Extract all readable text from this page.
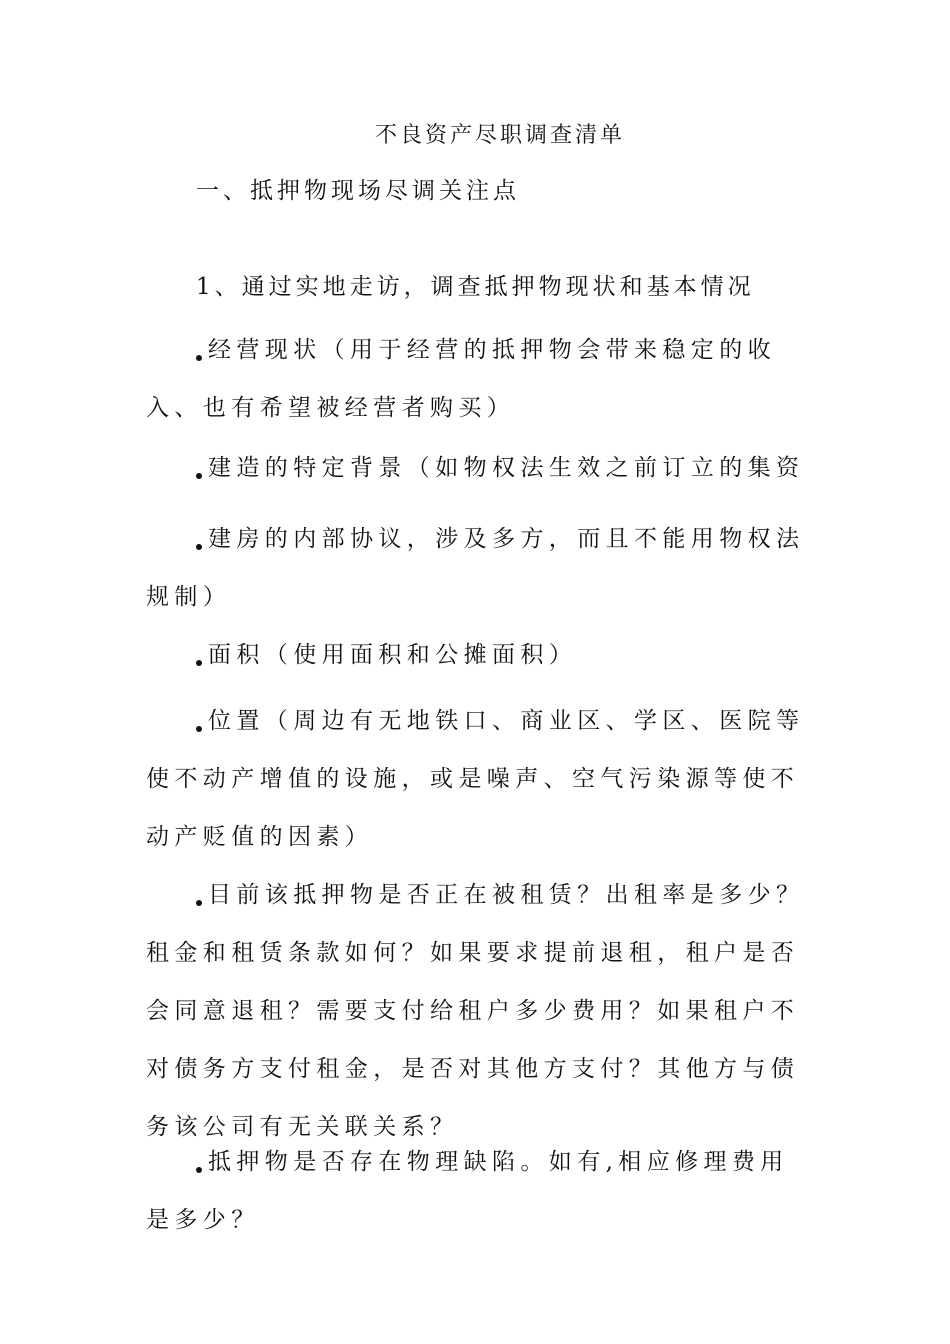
不良资产尽职调查清单
一、抵押物现场尽调关注点
1、通过实地走访，调查抵押物现状和基本情况

经营现状（用于经营的抵押物会带来稳定的收入、也有希望被经营者购买）

建造的特定背景（如物权法生效之前订立的集资

建房的内部协议，涉及多方，而且不能用物权法规制）

面积（使用面积和公摊面积）

位置（周边有无地铁口、商业区、学区、医院等使不动产增值的设施，或是噪声、空气污染源等使不动产贬值的因素）

目前该抵押物是否正在被租赁？出租率是多少？租金和租赁条款如何？如果要求提前退租，租户是否会同意退租？需要支付给租户多少费用？如果租户不对债务方支付租金，是否对其他方支付？其他方与债务该公司有无关联关系？

抵押物是否存在物理缺陷。如有,相应修理费用是多少？
